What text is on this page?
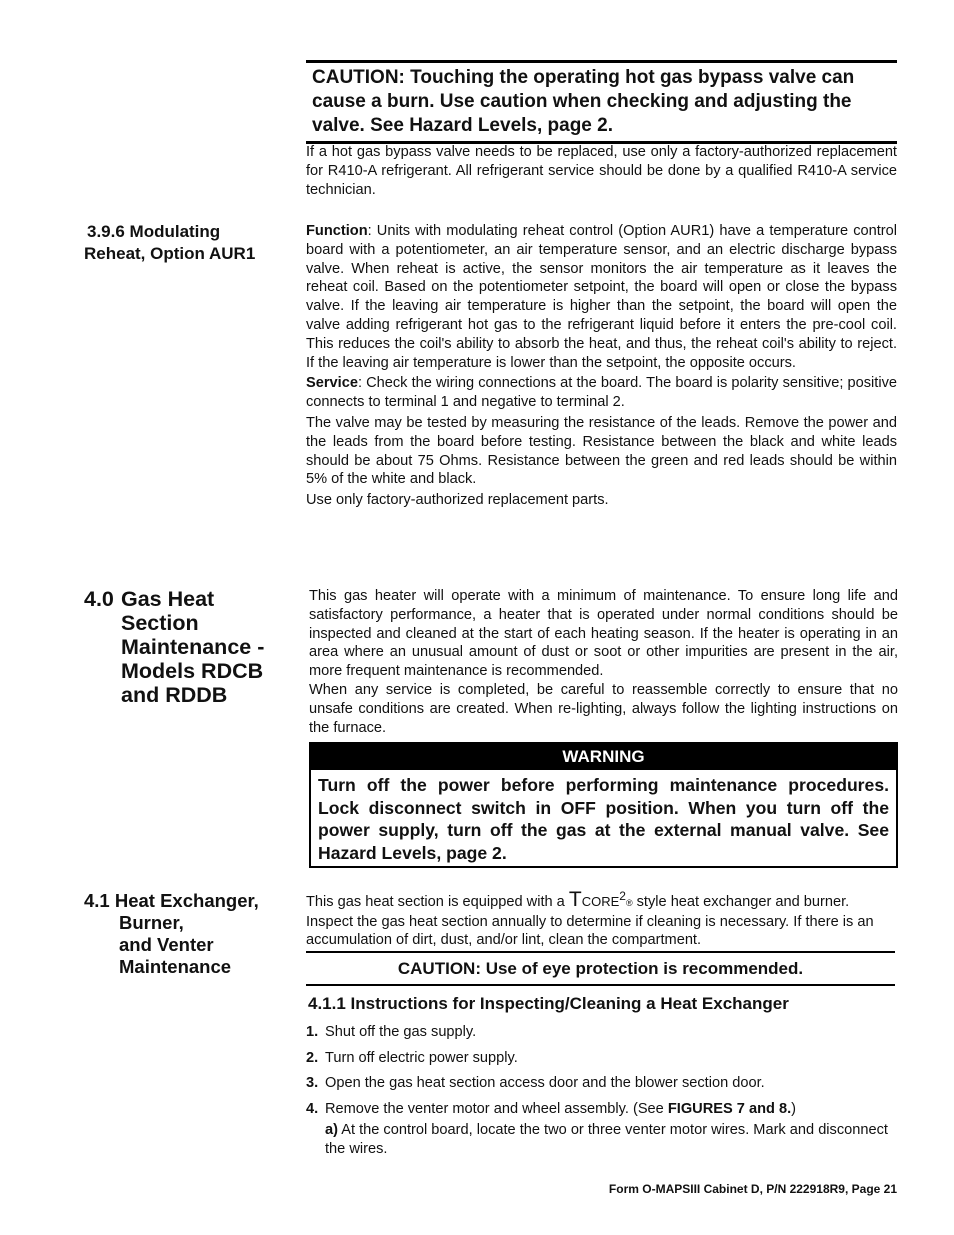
CAUTION: Touching the operating hot gas bypass valve can cause a burn. Use caution when checking and adjusting the valve. See Hazard Levels, page 2.

If a hot gas bypass valve needs to be replaced, use only a factory-authorized replacement for R410-A refrigerant. All refrigerant service should be done by a qualified R410-A service technician.

3.9.6 Modulating
Reheat, Option AUR1

Function: Units with modulating reheat control (Option AUR1) have a temperature control board with a potentiometer, an air temperature sensor, and an electric discharge bypass valve. When reheat is active, the sensor monitors the air temperature as it leaves the reheat coil. Based on the potentiometer setpoint, the board will open or close the bypass valve. If the leaving air temperature is higher than the setpoint, the board will open the valve adding refrigerant hot gas to the refrigerant liquid before it enters the pre-cool coil. This reduces the coil's ability to absorb the heat, and thus, the reheat coil's ability to reject. If the leaving air temperature is lower than the setpoint, the opposite occurs.

Service: Check the wiring connections at the board. The board is polarity sensitive; positive connects to terminal 1 and negative to terminal 2.

The valve may be tested by measuring the resistance of the leads. Remove the power and the leads from the board before testing. Resistance between the black and white leads should be about 75 Ohms. Resistance between the green and red leads should be within 5% of the white and black.

Use only factory-authorized replacement parts.

4.0 Gas Heat
Section
Maintenance -
Models RDCB
and RDDB

This gas heater will operate with a minimum of maintenance. To ensure long life and satisfactory performance, a heater that is operated under normal conditions should be inspected and cleaned at the start of each heating season. If the heater is operating in an area where an unusual amount of dust or soot or other impurities are present in the air, more frequent maintenance is recommended.

When any service is completed, be careful to reassemble correctly to ensure that no unsafe conditions are created. When re-lighting, always follow the lighting instructions on the furnace.

WARNING
Turn off the power before performing maintenance procedures. Lock disconnect switch in OFF position. When you turn off the power supply, turn off the gas at the external manual valve. See Hazard Levels, page 2.
4.1 Heat Exchanger,
Burner,
and Venter
Maintenance

This gas heat section is equipped with a TCORE$^2$® style heat exchanger and burner. Inspect the gas heat section annually to determine if cleaning is necessary. If there is an accumulation of dirt, dust, and/or lint, clean the compartment.

CAUTION: Use of eye protection is recommended.
4.1.1 Instructions for Inspecting/Cleaning a Heat Exchanger
1. Shut off the gas supply.
2. Turn off electric power supply.
3. Open the gas heat section access door and the blower section door.
4. Remove the venter motor and wheel assembly. (See FIGURES 7 and 8.)
a) At the control board, locate the two or three venter motor wires. Mark and disconnect the wires.
Form O-MAPSIII Cabinet D, P/N 222918R9, Page 21
